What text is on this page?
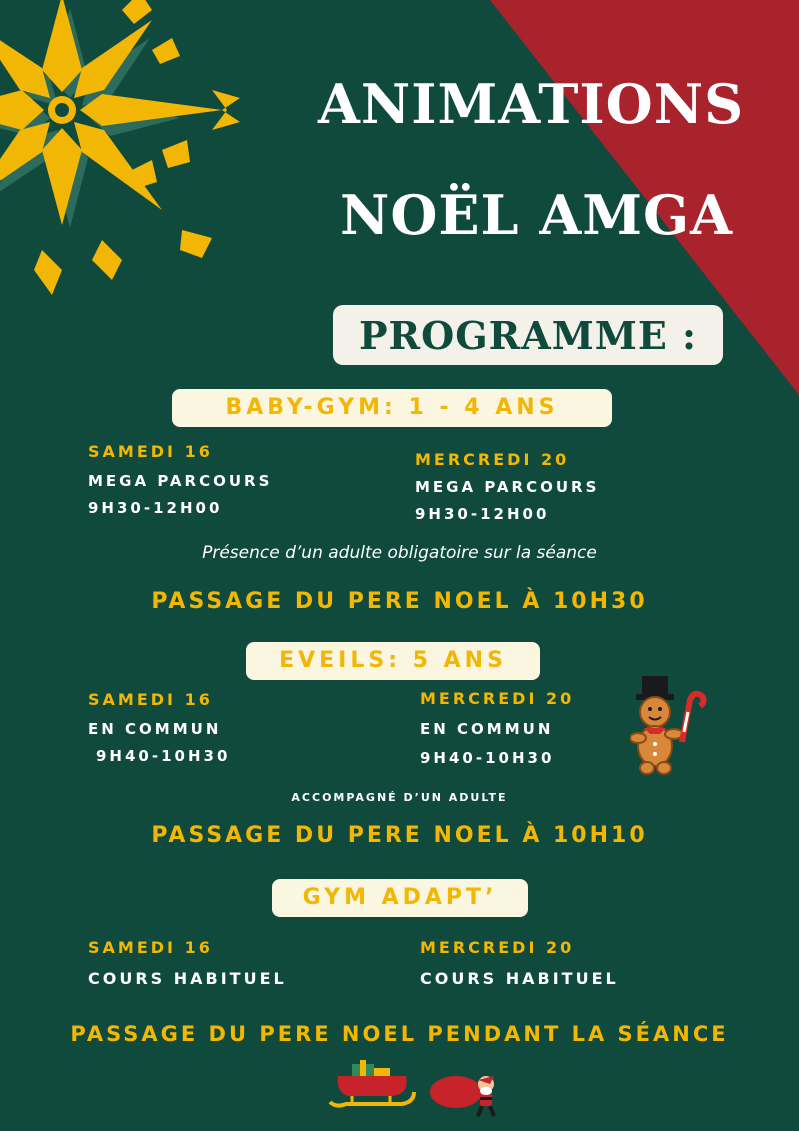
ANIMATIONS
NOËL AMGA
PROGRAMME :
BABY-GYM: 1 - 4 ANS
SAMEDI 16
MEGA PARCOURS
9H30-12H00
MERCREDI 20
MEGA PARCOURS
9H30-12H00
Présence d’un adulte obligatoire sur la séance
PASSAGE DU PERE NOEL À 10H30
EVEILS: 5 ANS
SAMEDI 16
EN COMMUN
9H40-10H30
MERCREDI 20
EN COMMUN
9H40-10H30
ACCOMPAGNÉ D’UN ADULTE
PASSAGE DU PERE NOEL À 10H10
GYM ADAPT’
SAMEDI 16
COURS HABITUEL
MERCREDI 20
COURS HABITUEL
PASSAGE DU PERE NOEL PENDANT LA SÉANCE
